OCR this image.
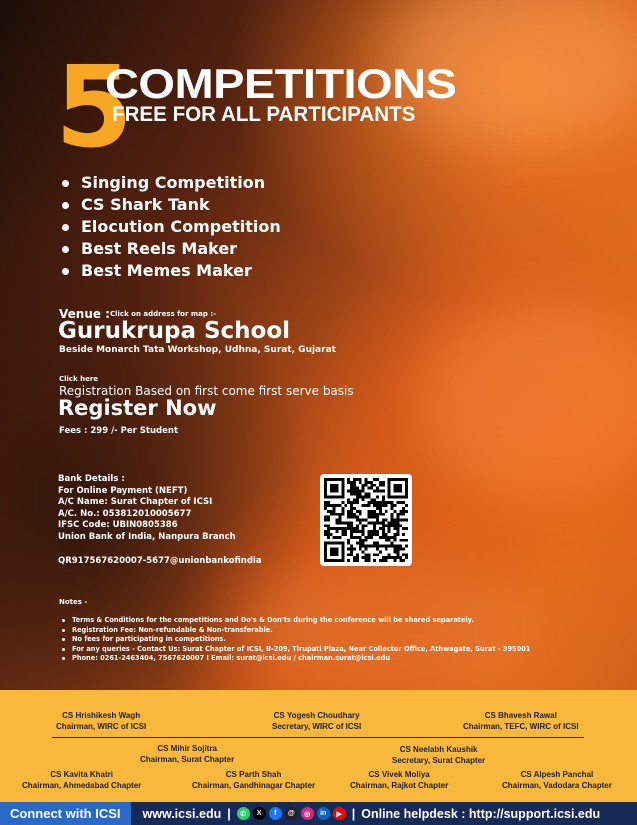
5
COMPETITIONS
FREE FOR ALL PARTICIPANTS
Singing Competition
CS Shark Tank
Elocution Competition
Best Reels Maker
Best Memes Maker
Venue : Click on address for map :-
Gurukrupa School
Beside Monarch Tata Workshop, Udhna, Surat, Gujarat
Click here
Registration Based on first come first serve basis
Register Now
Fees : 299 /- Per Student
Bank Details :
For Online Payment (NEFT)
A/C Name: Surat Chapter of ICSI
A/C. No.: 053812010005677
IFSC Code: UBIN0805386
Union Bank of India, Nanpura Branch
QR917567620007-5677@unionbankofindia
Notes -
Terms & Conditions for the competitions and Do's & Don'ts during the conference will be shared separately.
Registration Fee: Non-refundable & Non-transferable.
No fees for participating in competitions.
For any queries - Contact Us: Surat Chapter of ICSI, B-209, Tirupati Plaza, Near Collector Office, Athwagate, Surat - 395001
Phone: 0261-2463404, 7567620007 I Email: surat@icsi.edu / chairman.surat@icsi.edu
CS Hrishikesh Wagh
Chairman, WIRC of ICSI
CS Yogesh Choudhary
Secretary, WIRC of ICSI
CS Bhavesh Rawal
Chairman, TEFC, WIRC of ICSI
CS Mihir Sojitra
Chairman, Surat Chapter
CS Neelabh Kaushik
Secretary, Surat Chapter
CS Kavita Khatri
Chairman, Ahmedabad Chapter
CS Parth Shah
Chairman, Gandhinagar Chapter
CS Vivek Moliya
Chairman, Rajkot Chapter
CS Alpesh Panchal
Chairman, Vadodara Chapter
Connect with ICSI	www.icsi.edu |	✆	X	f	@	◎	in	▶ | Online helpdesk : http://support.icsi.edu
